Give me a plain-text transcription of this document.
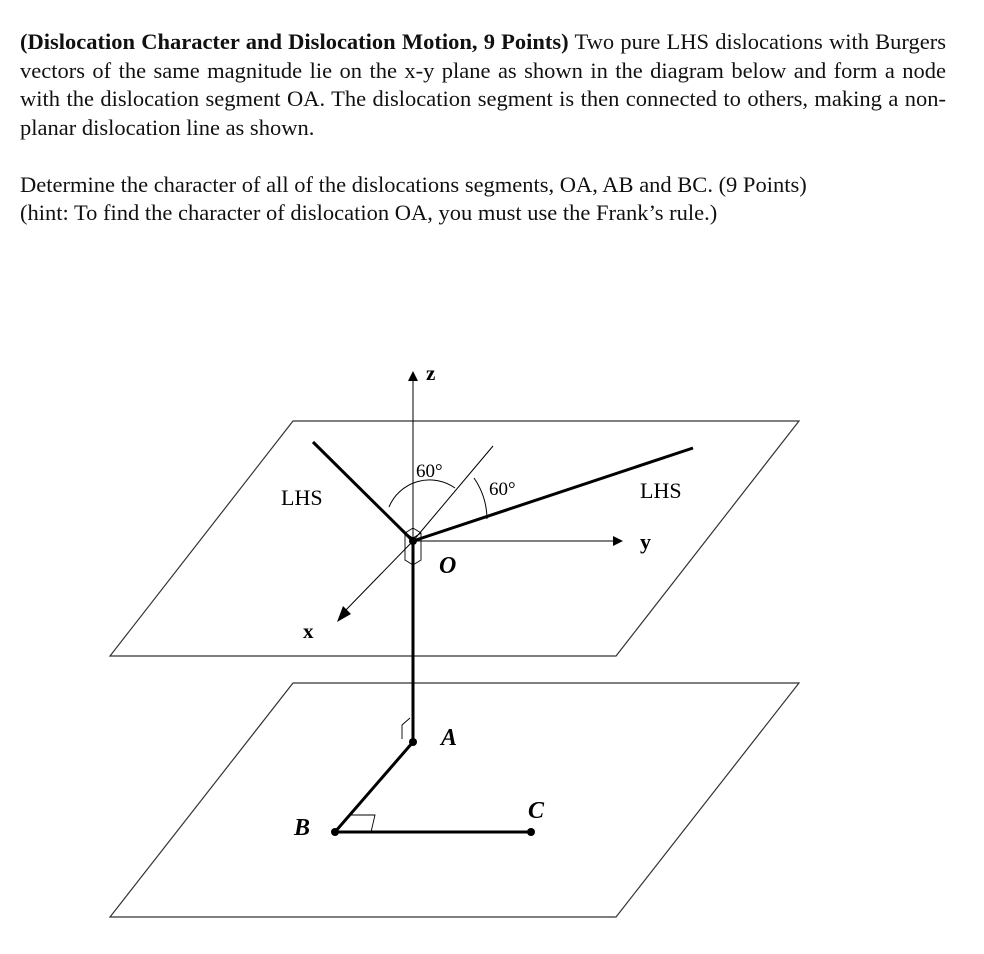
(Dislocation Character and Dislocation Motion, 9 Points) Two pure LHS dislocations with Burgers vectors of the same magnitude lie on the x-y plane as shown in the diagram below and form a node with the dislocation segment OA. The dislocation segment is then connected to others, making a non-planar dislocation line as shown.

Determine the character of all of the dislocations segments, OA, AB and BC. (9 Points)

(hint: To find the character of dislocation OA, you must use the Frank’s rule.)

z
y
x
LHS	LHS
60°
60°
O
A
B
C
